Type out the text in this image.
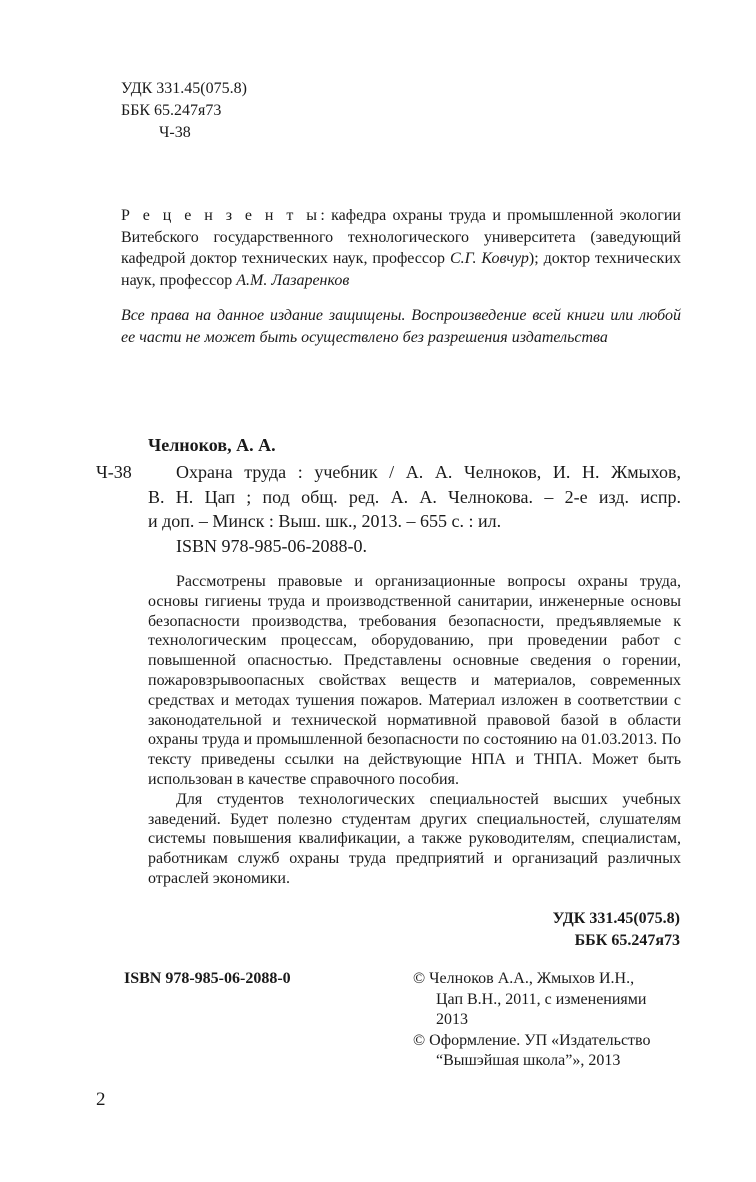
УДК 331.45(075.8)
ББК 65.247я73
Ч-38
Р е ц е н з е н т ы: кафедра охраны труда и промышленной экологии Витебского государственного технологического университета (заведующий кафедрой доктор технических наук, профессор С.Г. Ковчур); доктор технических наук, профессор А.М. Лазаренков
Все права на данное издание защищены. Воспроизведение всей книги или любой ее части не может быть осуществлено без разрешения издательства
Челноков, А. А.
Ч-38	Охрана труда : учебник / А. А. Челноков, И. Н. Жмыхов,
В. Н. Цап ; под общ. ред. А. А. Челнокова. – 2-е изд. испр.
и доп. – Минск : Выш. шк., 2013. – 655 с. : ил.
ISBN 978-985-06-2088-0.

Рассмотрены правовые и организационные вопросы охраны труда, основы гигиены труда и производственной санитарии, инженерные основы безопасности производства, требования безопасности, предъявляемые к технологическим процессам, оборудованию, при проведении работ с повышенной опасностью. Представлены основные сведения о горении, пожаровзрывоопасных свойствах веществ и материалов, современных средствах и методах тушения пожаров. Материал изложен в соответствии с законодательной и технической нормативной правовой базой в области охраны труда и промышленной безопасности по состоянию на 01.03.2013. По тексту приведены ссылки на действующие НПА и ТНПА. Может быть использован в качестве справочного пособия.

Для студентов технологических специальностей высших учебных заведений. Будет полезно студентам других специальностей, слушателям системы повышения квалификации, а также руководителям, специалистам, работникам служб охраны труда предприятий и организаций различных отраслей экономики.

УДК 331.45(075.8)
ББК 65.247я73
ISBN 978-985-06-2088-0	© Челноков А.А., Жмыхов И.Н.,
Цап В.Н., 2011, с изменениями
2013
© Оформление. УП «Издательство
“Вышэйшая школа”», 2013
2
